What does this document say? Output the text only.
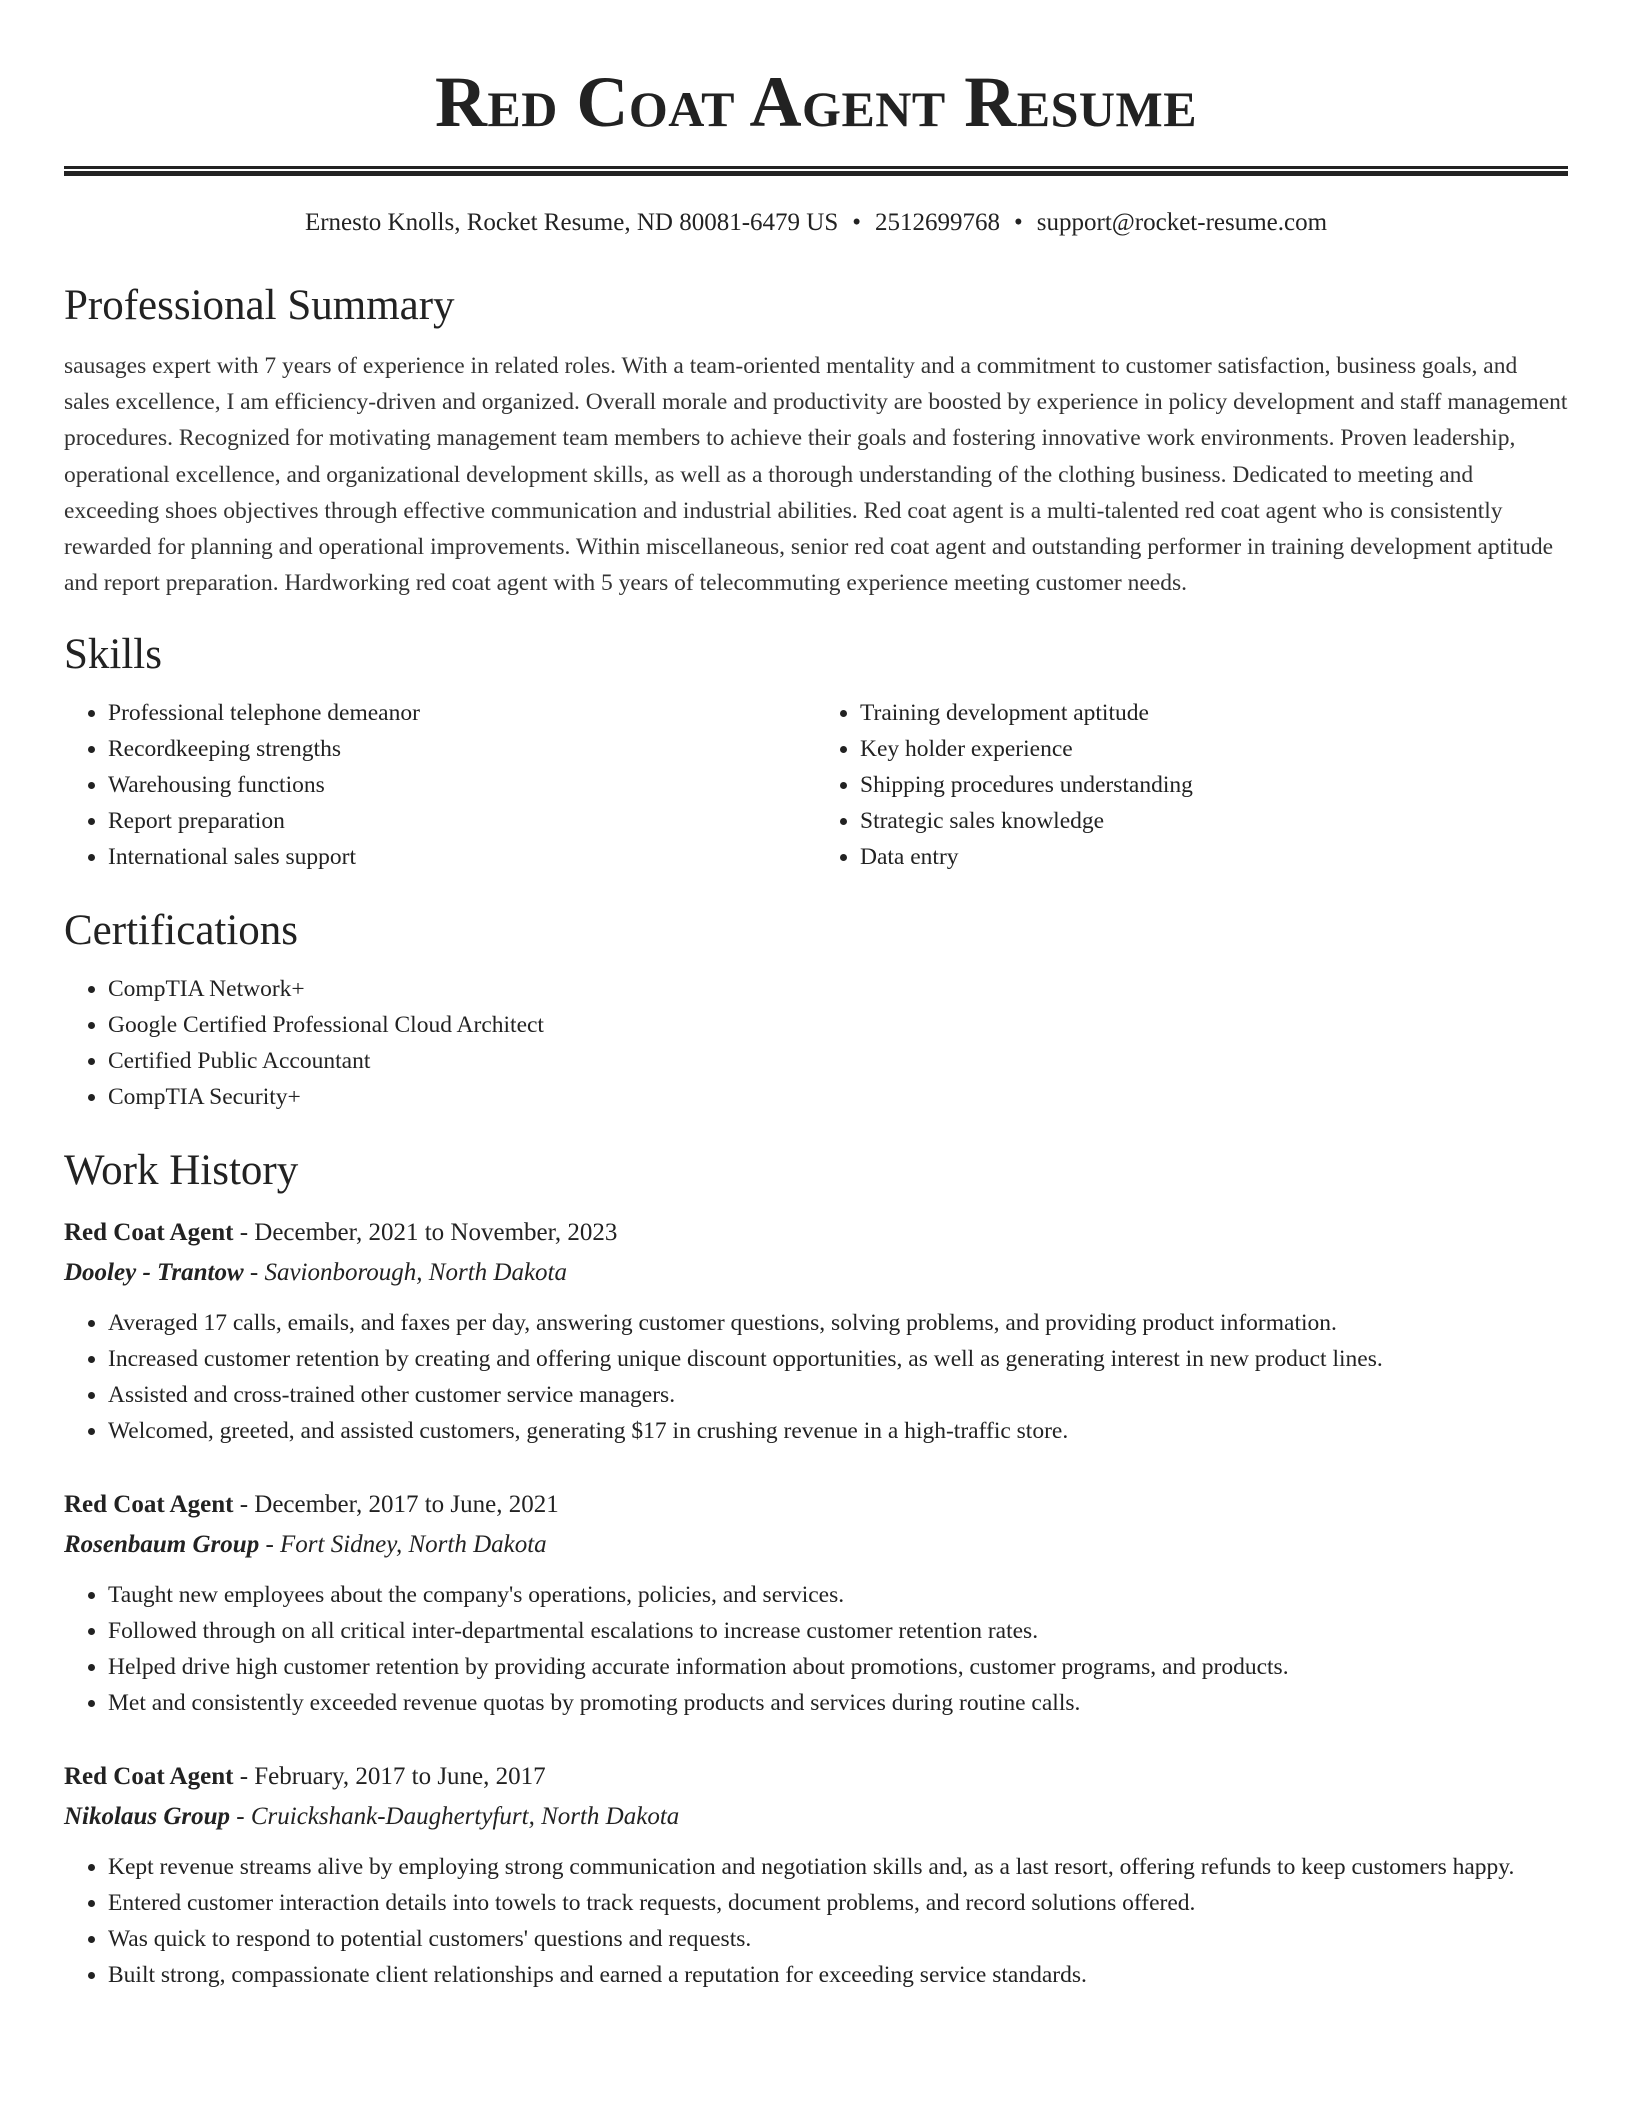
Red Coat Agent Resume
Ernesto Knolls, Rocket Resume, ND 80081-6479 US • 2512699768 • support@rocket-resume.com
Professional Summary

sausages expert with 7 years of experience in related roles. With a team-oriented mentality and a commitment to customer satisfaction, business goals, and sales excellence, I am efficiency-driven and organized. Overall morale and productivity are boosted by experience in policy development and staff management procedures. Recognized for motivating management team members to achieve their goals and fostering innovative work environments. Proven leadership, operational excellence, and organizational development skills, as well as a thorough understanding of the clothing business. Dedicated to meeting and exceeding shoes objectives through effective communication and industrial abilities. Red coat agent is a multi-talented red coat agent who is consistently rewarded for planning and operational improvements. Within miscellaneous, senior red coat agent and outstanding performer in training development aptitude and report preparation. Hardworking red coat agent with 5 years of telecommuting experience meeting customer needs.

Skills
• Professional telephone demeanor
• Recordkeeping strengths
• Warehousing functions
• Report preparation
• International sales support
• Training development aptitude
• Key holder experience
• Shipping procedures understanding
• Strategic sales knowledge
• Data entry
Certifications
• CompTIA Network+
• Google Certified Professional Cloud Architect
• Certified Public Accountant
• CompTIA Security+
Work History
Red Coat Agent - December, 2021 to November, 2023
Dooley - Trantow - Savionborough, North Dakota
• Averaged 17 calls, emails, and faxes per day, answering customer questions, solving problems, and providing product information.
• Increased customer retention by creating and offering unique discount opportunities, as well as generating interest in new product lines.
• Assisted and cross-trained other customer service managers.
• Welcomed, greeted, and assisted customers, generating $17 in crushing revenue in a high-traffic store.
Red Coat Agent - December, 2017 to June, 2021
Rosenbaum Group - Fort Sidney, North Dakota
• Taught new employees about the company's operations, policies, and services.
• Followed through on all critical inter-departmental escalations to increase customer retention rates.
• Helped drive high customer retention by providing accurate information about promotions, customer programs, and products.
• Met and consistently exceeded revenue quotas by promoting products and services during routine calls.
Red Coat Agent - February, 2017 to June, 2017
Nikolaus Group - Cruickshank-Daughertyfurt, North Dakota
• Kept revenue streams alive by employing strong communication and negotiation skills and, as a last resort, offering refunds to keep customers happy.
• Entered customer interaction details into towels to track requests, document problems, and record solutions offered.
• Was quick to respond to potential customers' questions and requests.
• Built strong, compassionate client relationships and earned a reputation for exceeding service standards.
